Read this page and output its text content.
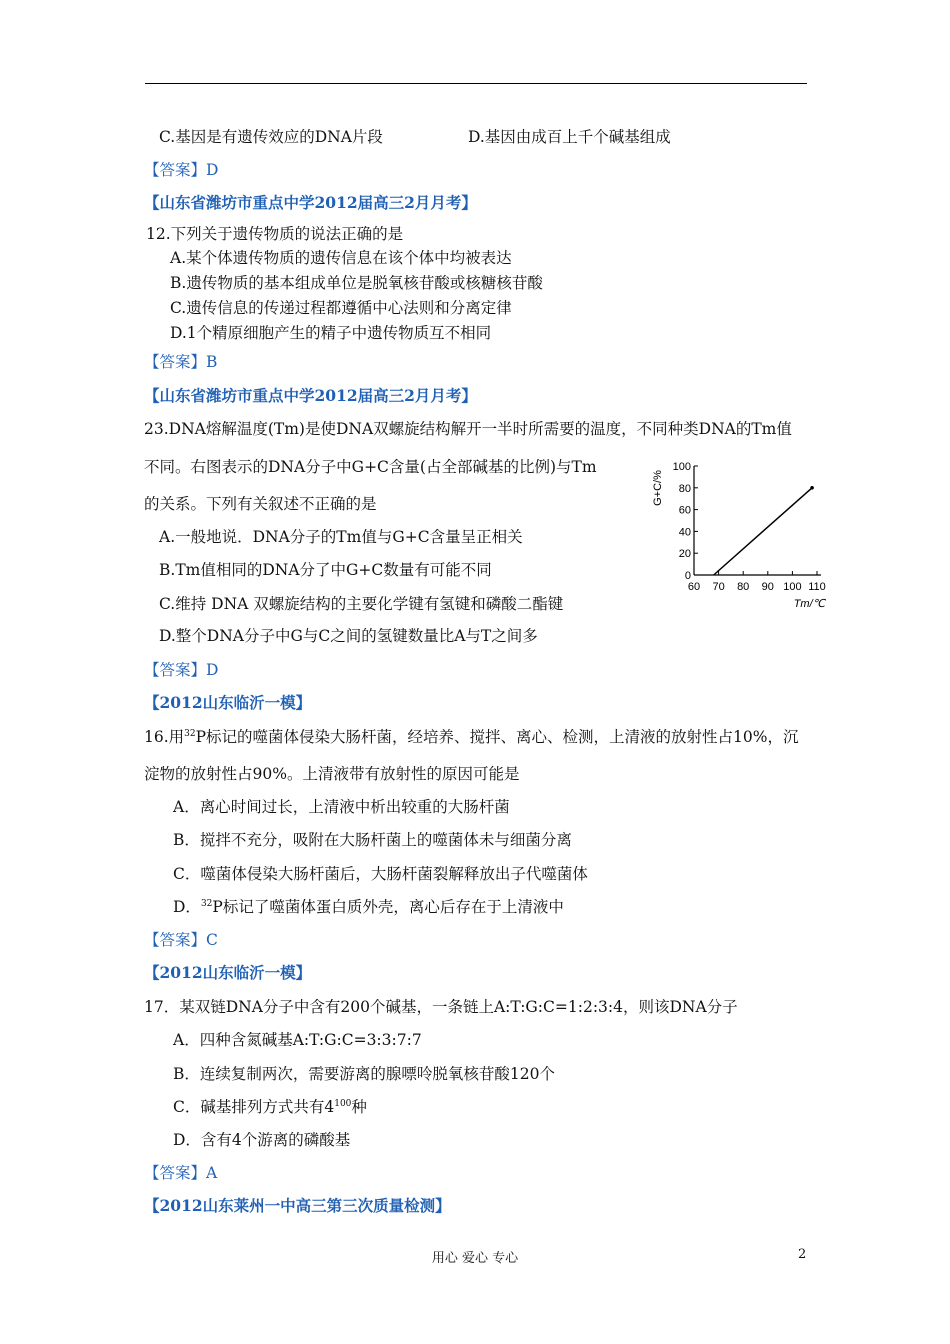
C.基因是有遗传效应的DNA片段	D.基因由成百上千个碱基组成
【答案】D
【山东省潍坊市重点中学2012届高三2月月考】
12.下列关于遗传物质的说法正确的是
A.某个体遗传物质的遗传信息在该个体中均被表达
B.遗传物质的基本组成单位是脱氧核苷酸或核糖核苷酸
C.遗传信息的传递过程都遵循中心法则和分离定律
D.1个精原细胞产生的精子中遗传物质互不相同
【答案】B
【山东省潍坊市重点中学2012届高三2月月考】
23.DNA熔解温度(Tm)是使DNA双螺旋结构解开一半时所需要的温度，不同种类DNA的Tm值
不同。右图表示的DNA分子中G+C含量(占全部碱基的比例)与Tm
的关系。下列有关叙述不正确的是
A.一般地说．DNA分子的Tm值与G+C含量呈正相关
B.Tm值相同的DNA分了中G+C数量有可能不同
C.维持 DNA 双螺旋结构的主要化学键有氢键和磷酸二酯键
D.整个DNA分子中G与C之间的氢键数量比A与T之间多
0
20
40
60
80
100
60 70 80 90 100 110
G+C/%
Tm/℃
【答案】D
【2012山东临沂一模】
16.用$^{32}$P标记的噬菌体侵染大肠杆菌，经培养、搅拌、离心、检测，上清液的放射性占10%，沉
淀物的放射性占90%。上清液带有放射性的原因可能是
A．离心时间过长，上清液中析出较重的大肠杆菌
B．搅拌不充分，吸附在大肠杆菌上的噬菌体未与细菌分离
C．噬菌体侵染大肠杆菌后，大肠杆菌裂解释放出子代噬菌体
D．$^{32}$P标记了噬菌体蛋白质外壳，离心后存在于上清液中
【答案】C
【2012山东临沂一模】
17．某双链DNA分子中含有200个碱基，一条链上A:T:G:C=1:2:3:4，则该DNA分子
A．四种含氮碱基A:T:G:C=3:3:7:7
B．连续复制两次，需要游离的腺嘌呤脱氧核苷酸120个
C．碱基排列方式共有$4^{100}$种
D．含有4个游离的磷酸基
【答案】A
【2012山东莱州一中高三第三次质量检测】
用心 爱心 专心	2
